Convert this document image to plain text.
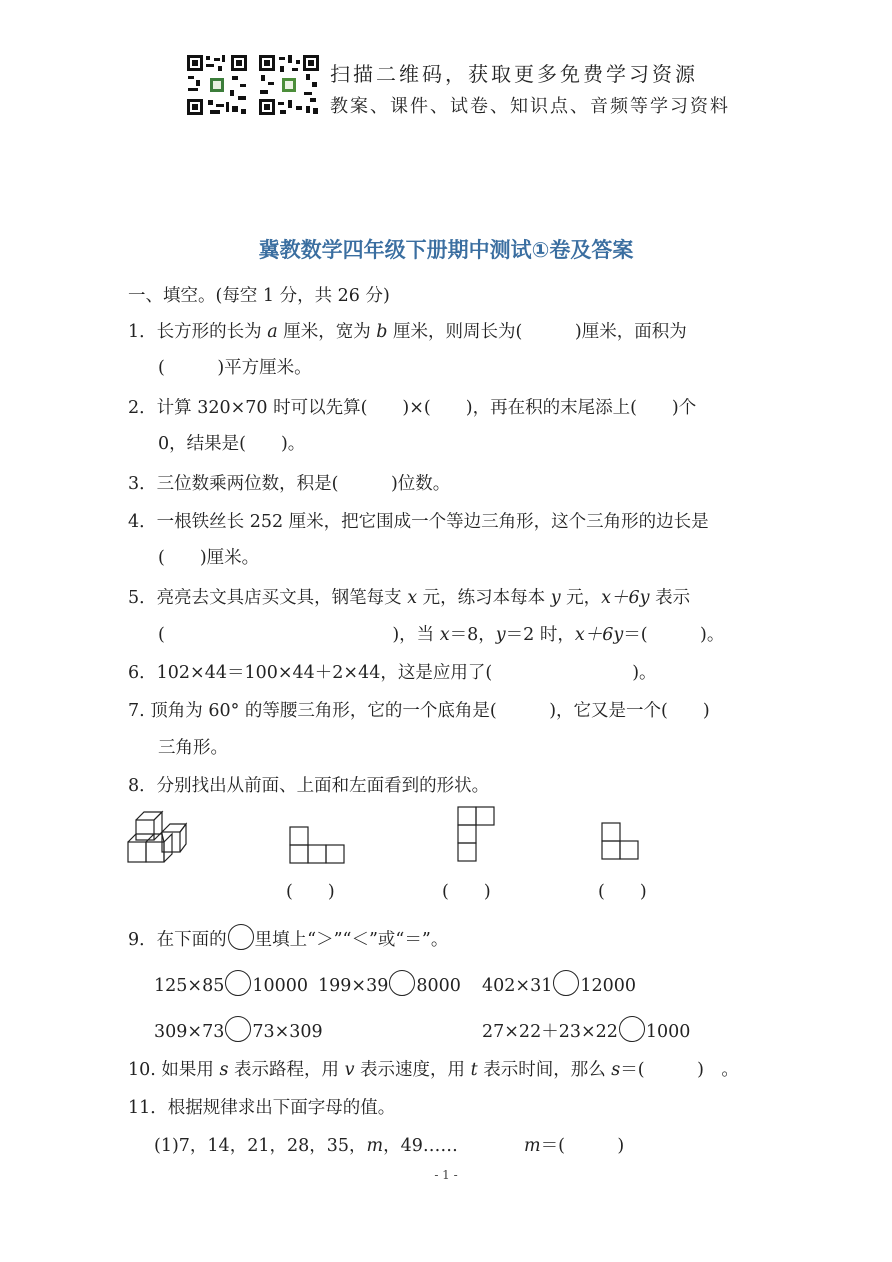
扫描二维码，获取更多免费学习资源
教案、课件、试卷、知识点、音频等学习资料
冀教数学四年级下册期中测试①卷及答案
一、填空。(每空 1 分，共 26 分)
1．长方形的长为 a 厘米，宽为 b 厘米，则周长为(　　　)厘米，面积为
(　　　)平方厘米。
2．计算 320×70 时可以先算(　　)×(　　)，再在积的末尾添上(　　)个
0，结果是(　　)。
3．三位数乘两位数，积是(　　　)位数。
4．一根铁丝长 252 厘米，把它围成一个等边三角形，这个三角形的边长是
(　　)厘米。
5．亮亮去文具店买文具，钢笔每支 x 元，练习本每本 y 元，x＋6y 表示
(　　　　　　　　　　　　　)，当 x＝8，y＝2 时，x＋6y＝(　　　)。
6．102×44＝100×44＋2×44，这是应用了(　　　　　　　　)。
7. 顶角为 60° 的等腰三角形，它的一个底角是(　　　)，它又是一个(　　)
三角形。
8．分别找出从前面、上面和左面看到的形状。
(　　)	(　　)	(　　)
9．在下面的 里填上“＞”“＜”或“＝”。
125×85 10000 199×39 8000 402×31 12000
309×73 73×309	27×22＋23×22 1000
10. 如果用 s 表示路程，用 v 表示速度，用 t 表示时间，那么 s＝(　　　)　。
11．根据规律求出下面字母的值。
(1)7，14，21，28，35，m，49……	m＝(　　　)
- 1 -
